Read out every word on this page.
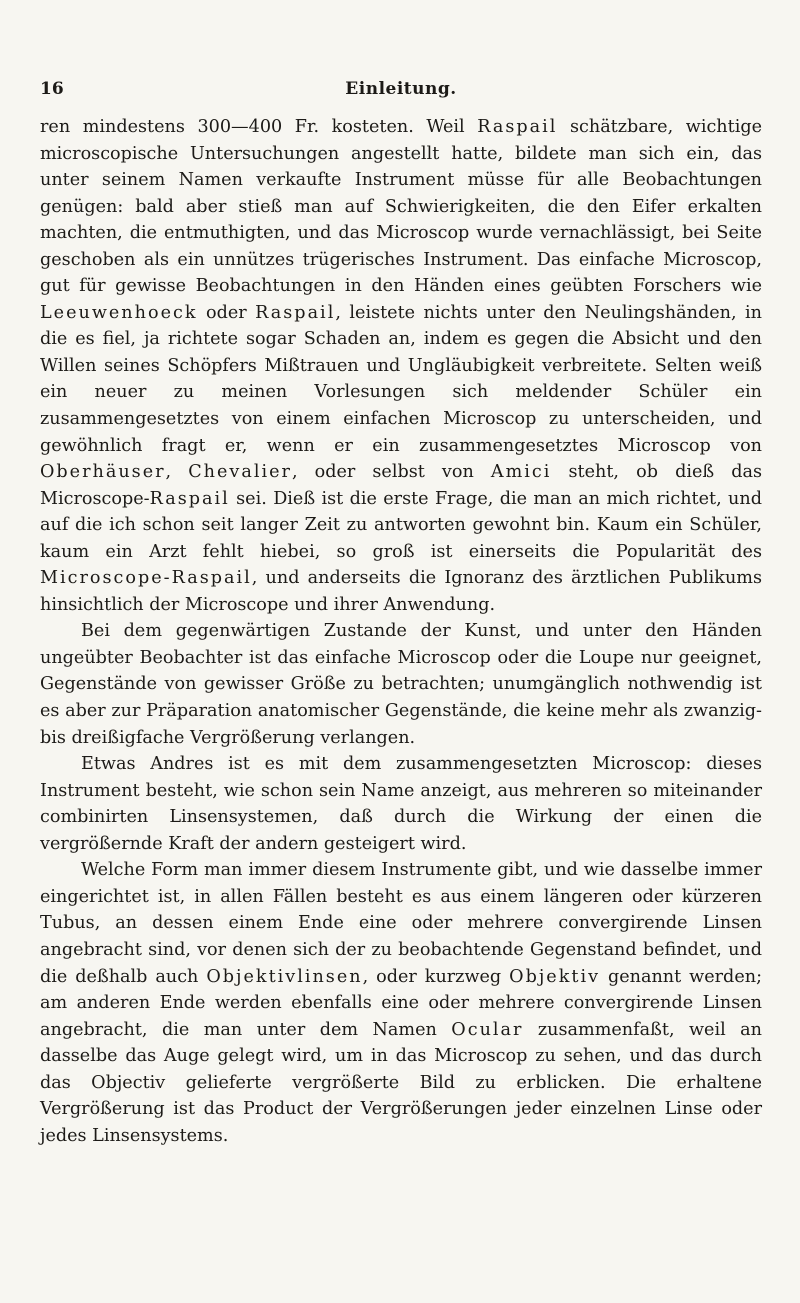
16	Einleitung.

ren mindestens 300—400 Fr. kosteten. Weil Raspail schätzbare, wichtige microscopische Untersuchungen angestellt hatte, bildete man sich ein, das unter seinem Namen verkaufte Instrument müsse für alle Beobachtungen genügen: bald aber stieß man auf Schwierigkeiten, die den Eifer erkalten machten, die entmuthigten, und das Microscop wurde vernachlässigt, bei Seite geschoben als ein unnützes trügerisches Instrument. Das einfache Microscop, gut für gewisse Beobachtungen in den Händen eines geübten Forschers wie Leeuwenhoeck oder Raspail, leistete nichts unter den Neulingshänden, in die es fiel, ja richtete sogar Schaden an, indem es gegen die Absicht und den Willen seines Schöpfers Mißtrauen und Ungläubigkeit verbreitete. Selten weiß ein neuer zu meinen Vorlesungen sich meldender Schüler ein zusammengesetztes von einem einfachen Microscop zu unterscheiden, und gewöhnlich fragt er, wenn er ein zusammengesetztes Microscop von Oberhäuser, Chevalier, oder selbst von Amici steht, ob dieß das Microscope-Raspail sei. Dieß ist die erste Frage, die man an mich richtet, und auf die ich schon seit langer Zeit zu antworten gewohnt bin. Kaum ein Schüler, kaum ein Arzt fehlt hiebei, so groß ist einerseits die Popularität des Microscope-Raspail, und anderseits die Ignoranz des ärztlichen Publikums hinsichtlich der Microscope und ihrer Anwendung.

Bei dem gegenwärtigen Zustande der Kunst, und unter den Händen ungeübter Beobachter ist das einfache Microscop oder die Loupe nur geeignet, Gegenstände von gewisser Größe zu betrachten; unumgänglich nothwendig ist es aber zur Präparation anatomischer Gegenstände, die keine mehr als zwanzig- bis dreißigfache Vergrößerung verlangen.

Etwas Andres ist es mit dem zusammengesetzten Microscop: dieses Instrument besteht, wie schon sein Name anzeigt, aus mehreren so miteinander combinirten Linsensystemen, daß durch die Wirkung der einen die vergrößernde Kraft der andern gesteigert wird.

Welche Form man immer diesem Instrumente gibt, und wie dasselbe immer eingerichtet ist, in allen Fällen besteht es aus einem längeren oder kürzeren Tubus, an dessen einem Ende eine oder mehrere convergirende Linsen angebracht sind, vor denen sich der zu beobachtende Gegenstand befindet, und die deßhalb auch Objektivlinsen, oder kurzweg Objektiv genannt werden; am anderen Ende werden ebenfalls eine oder mehrere convergirende Linsen angebracht, die man unter dem Namen Ocular zusammenfaßt, weil an dasselbe das Auge gelegt wird, um in das Microscop zu sehen, und das durch das Objectiv gelieferte vergrößerte Bild zu erblicken. Die erhaltene Vergrößerung ist das Product der Vergrößerungen jeder einzelnen Linse oder jedes Linsensystems.
